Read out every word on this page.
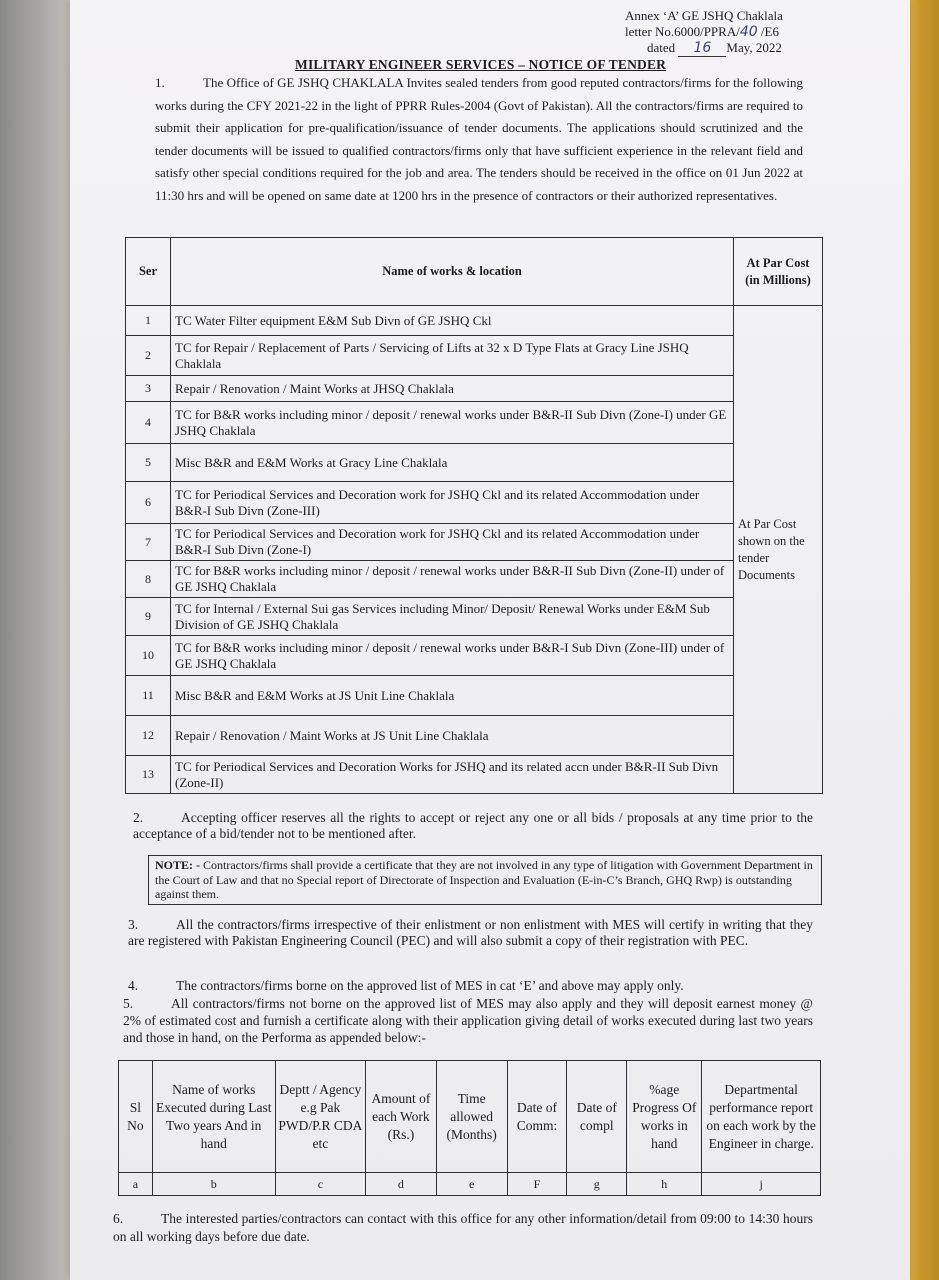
Annex ‘A’ GE JSHQ Chaklala
letter No.6000/PPRA/40 /E6
dated 16 May, 2022
MILITARY ENGINEER SERVICES – NOTICE OF TENDER
1.	The Office of GE JSHQ CHAKLALA Invites sealed tenders from good reputed contractors/firms for the following works during the CFY 2021-22 in the light of PPRR Rules-2004 (Govt of Pakistan). All the contractors/firms are required to submit their application for pre-qualification/issuance of tender documents. The applications should scrutinized and the tender documents will be issued to qualified contractors/firms only that have sufficient experience in the relevant field and satisfy other special conditions required for the job and area. The tenders should be received in the office on 01 Jun 2022 at 11:30 hrs and will be opened on same date at 1200 hrs in the presence of contractors or their authorized representatives.
Ser	Name of works & location	At Par Cost (in Millions)
1	TC Water Filter equipment E&M Sub Divn of GE JSHQ Ckl	At Par Cost shown on the tender Documents
2	TC for Repair / Replacement of Parts / Servicing of Lifts at 32 x D Type Flats at Gracy Line JSHQ Chaklala	
3	Repair / Renovation / Maint Works at JHSQ Chaklala	
4	TC for B&R works including minor / deposit / renewal works under B&R-II Sub Divn (Zone-I) under GE JSHQ Chaklala	
5	Misc B&R and E&M Works at Gracy Line Chaklala	
6	TC for Periodical Services and Decoration work for JSHQ Ckl and its related Accommodation under B&R-I Sub Divn (Zone-III)	
7	TC for Periodical Services and Decoration work for JSHQ Ckl and its related Accommodation under B&R-I Sub Divn (Zone-I)	
8	TC for B&R works including minor / deposit / renewal works under B&R-II Sub Divn (Zone-II) under of GE JSHQ Chaklala	
9	TC for Internal / External Sui gas Services including Minor/ Deposit/ Renewal Works under E&M Sub Division of GE JSHQ Chaklala	
10	TC for B&R works including minor / deposit / renewal works under B&R-I Sub Divn (Zone-III) under of GE JSHQ Chaklala	
11	Misc B&R and E&M Works at JS Unit Line Chaklala	
12	Repair / Renovation / Maint Works at JS Unit Line Chaklala	
13	TC for Periodical Services and Decoration Works for JSHQ and its related accn under B&R-II Sub Divn (Zone-II)	
2.	Accepting officer reserves all the rights to accept or reject any one or all bids / proposals at any time prior to the acceptance of a bid/tender not to be mentioned after.
NOTE: - Contractors/firms shall provide a certificate that they are not involved in any type of litigation with Government Department in the Court of Law and that no Special report of Directorate of Inspection and Evaluation (E-in-C’s Branch, GHQ Rwp) is outstanding against them.
3.	All the contractors/firms irrespective of their enlistment or non enlistment with MES will certify in writing that they are registered with Pakistan Engineering Council (PEC) and will also submit a copy of their registration with PEC.
4.	The contractors/firms borne on the approved list of MES in cat ‘E’ and above may apply only.
5.	All contractors/firms not borne on the approved list of MES may also apply and they will deposit earnest money @ 2% of estimated cost and furnish a certificate along with their application giving detail of works executed during last two years and those in hand, on the Performa as appended below:-
Sl No	Name of works Executed during Last Two years And in hand	Deptt / Agency e.g Pak PWD/P.R CDA etc	Amount of each Work (Rs.)	Time allowed (Months)	Date of Comm:	Date of compl	%age Progress Of works in hand	Departmental performance report on each work by the Engineer in charge.
a	b	c	d	e	F	g	h	j
6.	The interested parties/contractors can contact with this office for any other information/detail from 09:00 to 14:30 hours on all working days before due date.
